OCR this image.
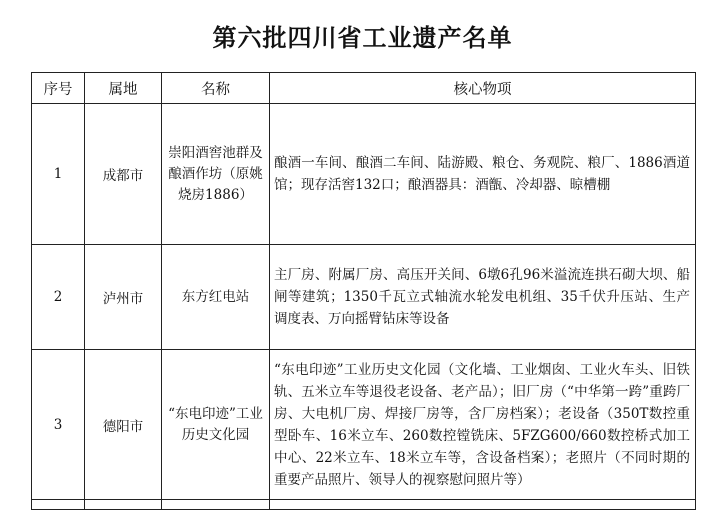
第六批四川省工业遗产名单
序号	属地	名称	核心物项
1	成都市	崇阳酒窖池群及酿酒作坊（原姚烧房1886）	酿酒一车间、酿酒二车间、陆游殿、粮仓、务观院、粮厂、1886酒道馆；现存活窖132口；酿酒器具：酒甑、冷却器、晾槽棚
2	泸州市	东方红电站	主厂房、附属厂房、高压开关间、6墩6孔96米溢流连拱石砌大坝、船闸等建筑；1350千瓦立式轴流水轮发电机组、35千伏升压站、生产调度表、万向摇臂钻床等设备
3	德阳市	“东电印迹”工业历史文化园	“东电印迹”工业历史文化园（文化墙、工业烟囱、工业火车头、旧铁轨、五米立车等退役老设备、老产品）；旧厂房（“中华第一跨”重跨厂房、大电机厂房、焊接厂房等，含厂房档案）；老设备（350T数控重型卧车、16米立车、260数控镗铣床、5FZG600/660数控桥式加工中心、22米立车、18米立车等，含设备档案）；老照片（不同时期的重要产品照片、领导人的视察慰问照片等）
